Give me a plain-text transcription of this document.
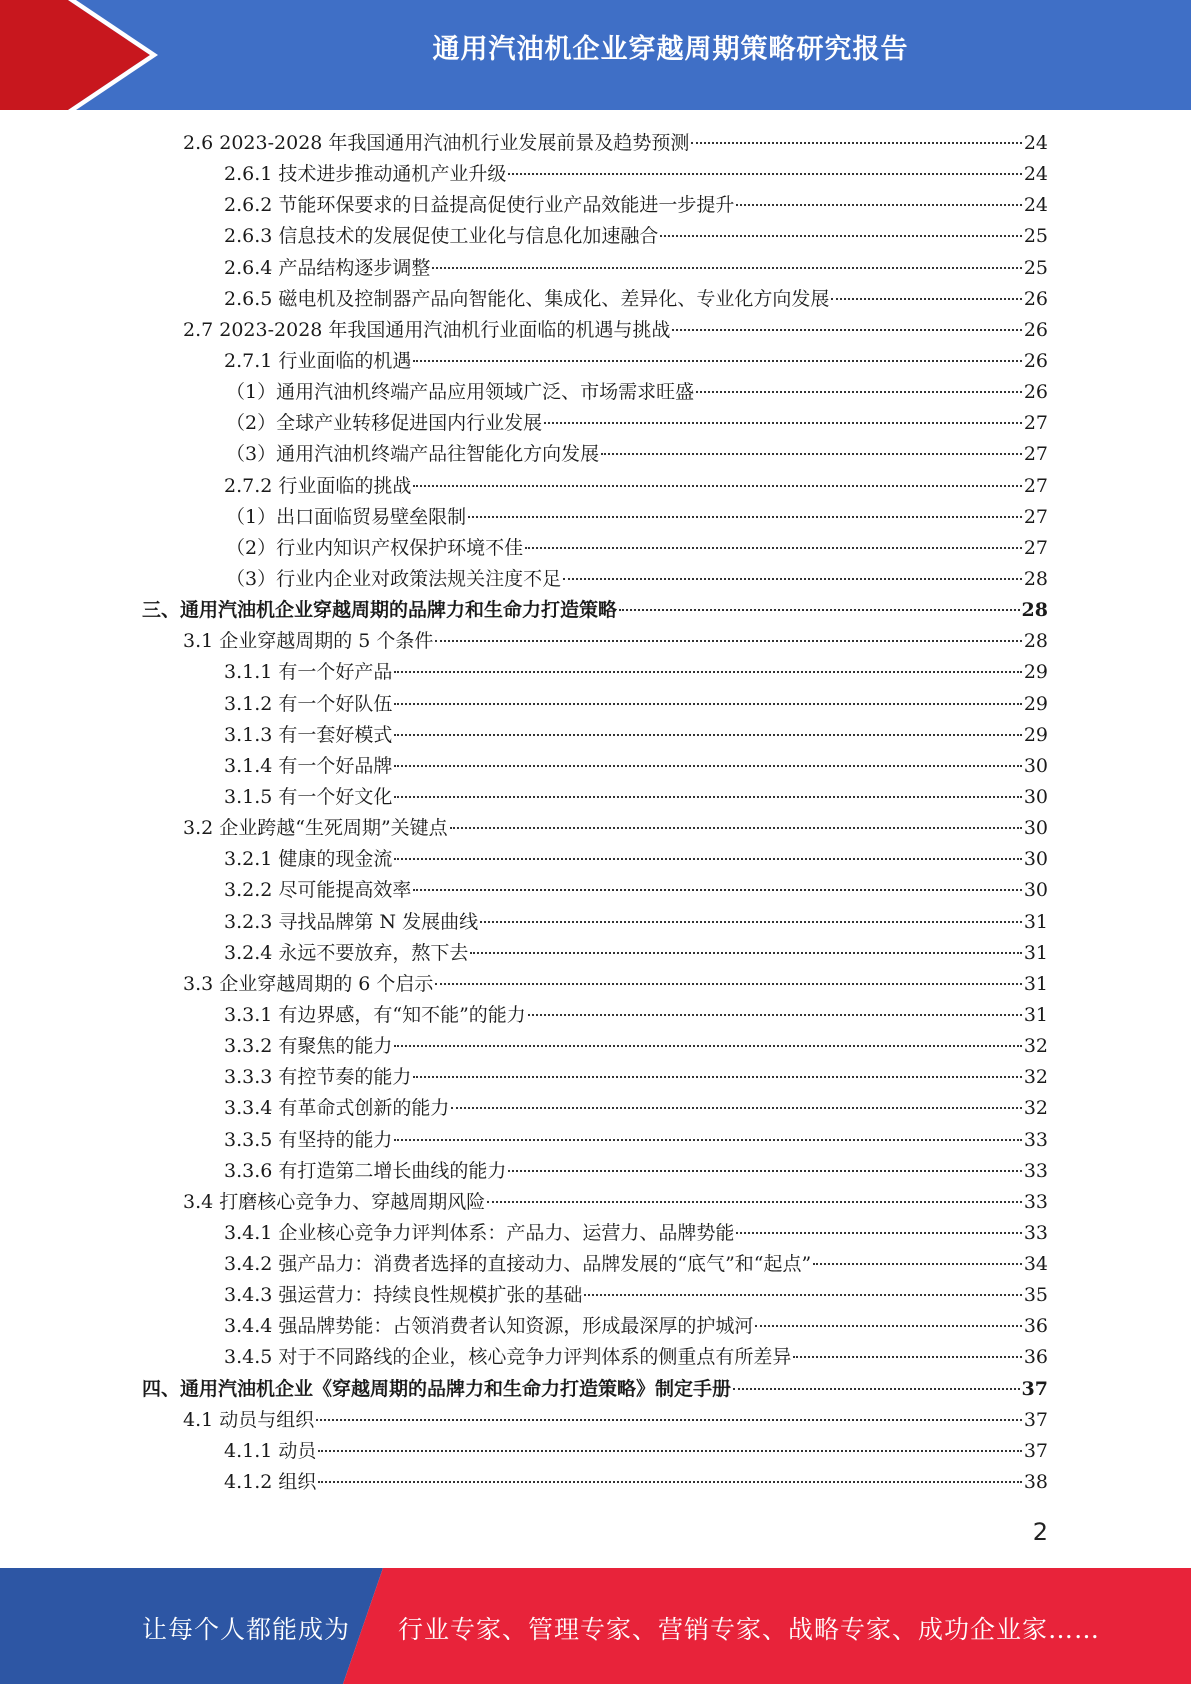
通用汽油机企业穿越周期策略研究报告
2.6 2023-2028 年我国通用汽油机行业发展前景及趋势预测	24
2.6.1 技术进步推动通机产业升级	24
2.6.2 节能环保要求的日益提高促使行业产品效能进一步提升	24
2.6.3 信息技术的发展促使工业化与信息化加速融合	25
2.6.4 产品结构逐步调整	25
2.6.5 磁电机及控制器产品向智能化、集成化、差异化、专业化方向发展	26
2.7 2023-2028 年我国通用汽油机行业面临的机遇与挑战	26
2.7.1 行业面临的机遇	26
（1）通用汽油机终端产品应用领域广泛、市场需求旺盛	26
（2）全球产业转移促进国内行业发展	27
（3）通用汽油机终端产品往智能化方向发展	27
2.7.2 行业面临的挑战	27
（1）出口面临贸易壁垒限制	27
（2）行业内知识产权保护环境不佳	27
（3）行业内企业对政策法规关注度不足	28
三、通用汽油机企业穿越周期的品牌力和生命力打造策略	28
3.1 企业穿越周期的 5 个条件	28
3.1.1 有一个好产品	29
3.1.2 有一个好队伍	29
3.1.3 有一套好模式	29
3.1.4 有一个好品牌	30
3.1.5 有一个好文化	30
3.2 企业跨越“生死周期”关键点	30
3.2.1 健康的现金流	30
3.2.2 尽可能提高效率	30
3.2.3 寻找品牌第 N 发展曲线	31
3.2.4 永远不要放弃，熬下去	31
3.3 企业穿越周期的 6 个启示	31
3.3.1 有边界感，有“知不能”的能力	31
3.3.2 有聚焦的能力	32
3.3.3 有控节奏的能力	32
3.3.4 有革命式创新的能力	32
3.3.5 有坚持的能力	33
3.3.6 有打造第二增长曲线的能力	33
3.4 打磨核心竞争力、穿越周期风险	33
3.4.1 企业核心竞争力评判体系：产品力、运营力、品牌势能	33
3.4.2 强产品力：消费者选择的直接动力、品牌发展的“底气”和“起点”	34
3.4.3 强运营力：持续良性规模扩张的基础	35
3.4.4 强品牌势能：占领消费者认知资源，形成最深厚的护城河	36
3.4.5 对于不同路线的企业，核心竞争力评判体系的侧重点有所差异	36
四、通用汽油机企业《穿越周期的品牌力和生命力打造策略》制定手册	37
4.1 动员与组织	37
4.1.1 动员	37
4.1.2 组织	38
2
让每个人都能成为 行业专家、管理专家、营销专家、战略专家、成功企业家……
